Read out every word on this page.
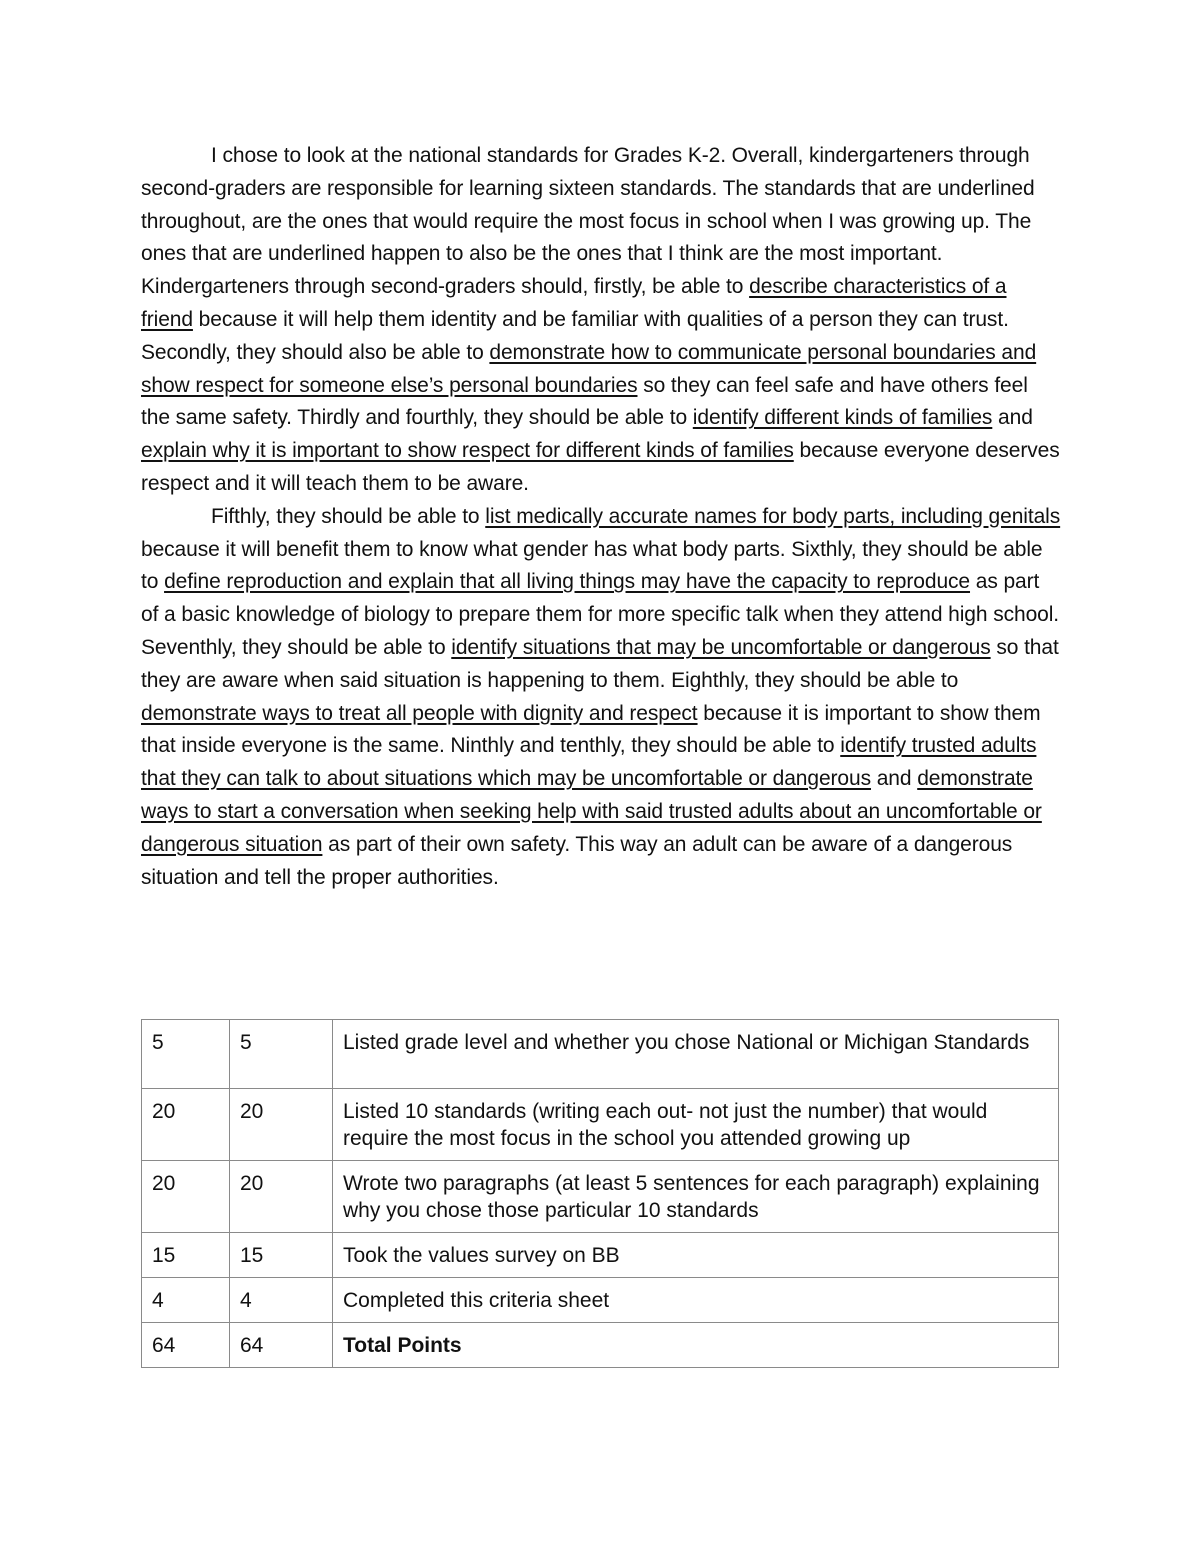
I chose to look at the national standards for Grades K-2. Overall, kindergarteners through second-graders are responsible for learning sixteen standards. The standards that are underlined throughout, are the ones that would require the most focus in school when I was growing up. The ones that are underlined happen to also be the ones that I think are the most important. Kindergarteners through second-graders should, firstly, be able to describe characteristics of a friend because it will help them identity and be familiar with qualities of a person they can trust. Secondly, they should also be able to demonstrate how to communicate personal boundaries and show respect for someone else’s personal boundaries so they can feel safe and have others feel the same safety. Thirdly and fourthly, they should be able to identify different kinds of families and explain why it is important to show respect for different kinds of families because everyone deserves respect and it will teach them to be aware.

Fifthly, they should be able to list medically accurate names for body parts, including genitals because it will benefit them to know what gender has what body parts. Sixthly, they should be able to define reproduction and explain that all living things may have the capacity to reproduce as part of a basic knowledge of biology to prepare them for more specific talk when they attend high school. Seventhly, they should be able to identify situations that may be uncomfortable or dangerous so that they are aware when said situation is happening to them. Eighthly, they should be able to demonstrate ways to treat all people with dignity and respect because it is important to show them that inside everyone is the same. Ninthly and tenthly, they should be able to identify trusted adults that they can talk to about situations which may be uncomfortable or dangerous and demonstrate ways to start a conversation when seeking help with said trusted adults about an uncomfortable or dangerous situation as part of their own safety. This way an adult can be aware of a dangerous situation and tell the proper authorities.

5	5	Listed grade level and whether you chose National or Michigan Standards
20	20	Listed 10 standards (writing each out- not just the number) that would require the most focus in the school you attended growing up
20	20	Wrote two paragraphs (at least 5 sentences for each paragraph) explaining why you chose those particular 10 standards
15	15	Took the values survey on BB
4	4	Completed this criteria sheet
64	64	Total Points
